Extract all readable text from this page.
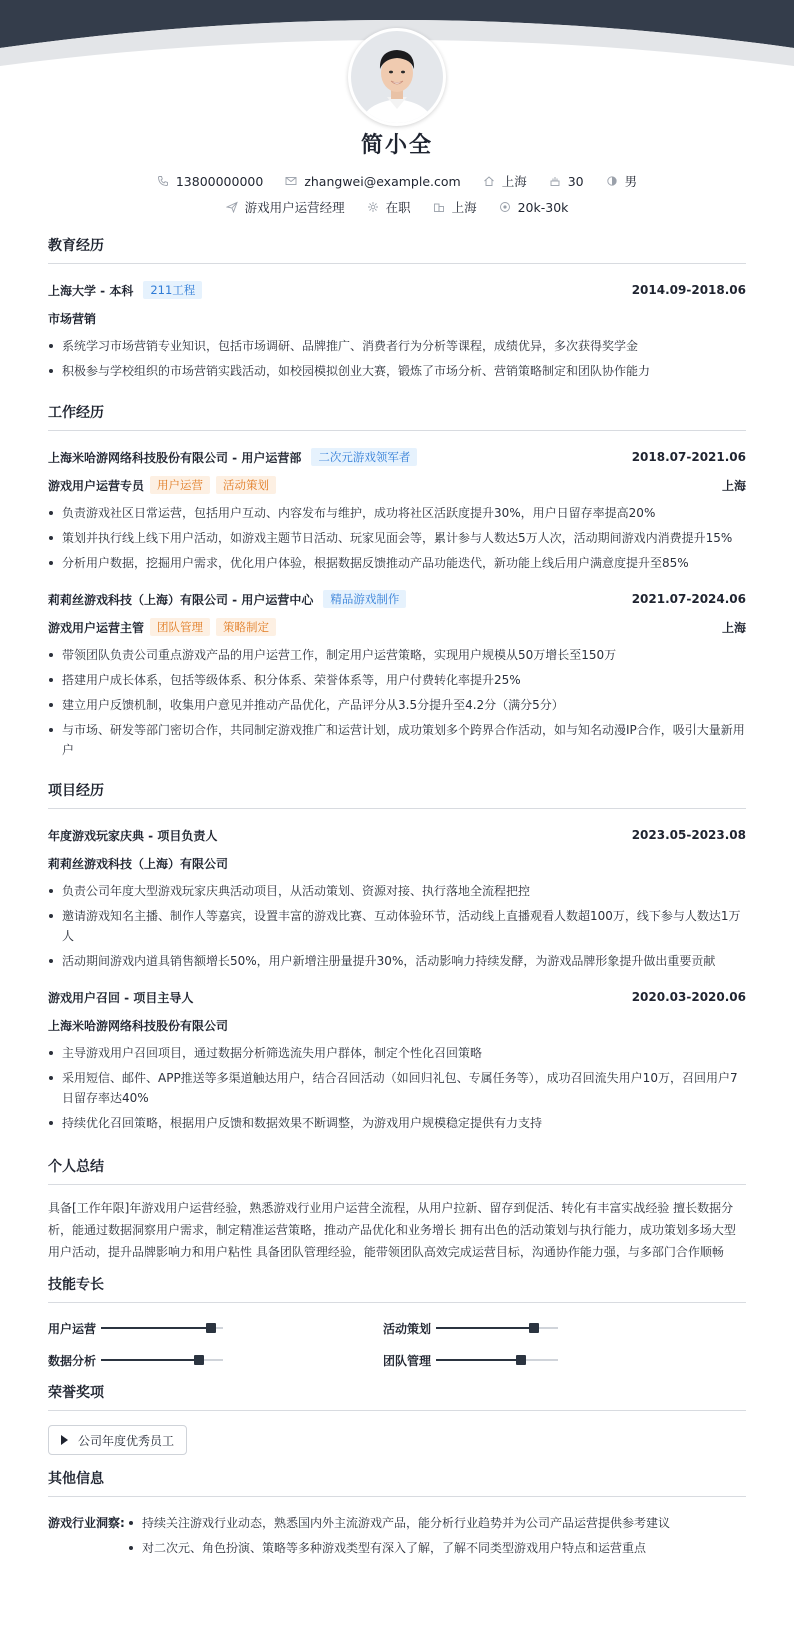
简小全
13800000000	zhangwei@example.com	上海	30	男
游戏用户运营经理	在职	上海	20k-30k
教育经历
上海大学 - 本科	211工程	2014.09-2018.06
市场营销
系统学习市场营销专业知识，包括市场调研、品牌推广、消费者行为分析等课程，成绩优异，多次获得奖学金
积极参与学校组织的市场营销实践活动，如校园模拟创业大赛，锻炼了市场分析、营销策略制定和团队协作能力
工作经历
上海米哈游网络科技股份有限公司 - 用户运营部	二次元游戏领军者	2018.07-2021.06
游戏用户运营专员	用户运营	活动策划	上海
负责游戏社区日常运营，包括用户互动、内容发布与维护，成功将社区活跃度提升30%，用户日留存率提高20%
策划并执行线上线下用户活动，如游戏主题节日活动、玩家见面会等，累计参与人数达5万人次，活动期间游戏内消费提升15%
分析用户数据，挖掘用户需求，优化用户体验，根据数据反馈推动产品功能迭代，新功能上线后用户满意度提升至85%
莉莉丝游戏科技（上海）有限公司 - 用户运营中心	精品游戏制作	2021.07-2024.06
游戏用户运营主管	团队管理	策略制定	上海
带领团队负责公司重点游戏产品的用户运营工作，制定用户运营策略，实现用户规模从50万增长至150万
搭建用户成长体系，包括等级体系、积分体系、荣誉体系等，用户付费转化率提升25%
建立用户反馈机制，收集用户意见并推动产品优化，产品评分从3.5分提升至4.2分（满分5分）
与市场、研发等部门密切合作，共同制定游戏推广和运营计划，成功策划多个跨界合作活动，如与知名动漫IP合作，吸引大量新用户
项目经历
年度游戏玩家庆典 - 项目负责人	2023.05-2023.08
莉莉丝游戏科技（上海）有限公司
负责公司年度大型游戏玩家庆典活动项目，从活动策划、资源对接、执行落地全流程把控
邀请游戏知名主播、制作人等嘉宾，设置丰富的游戏比赛、互动体验环节，活动线上直播观看人数超100万，线下参与人数达1万人
活动期间游戏内道具销售额增长50%，用户新增注册量提升30%，活动影响力持续发酵，为游戏品牌形象提升做出重要贡献
游戏用户召回 - 项目主导人	2020.03-2020.06
上海米哈游网络科技股份有限公司
主导游戏用户召回项目，通过数据分析筛选流失用户群体，制定个性化召回策略
采用短信、邮件、APP推送等多渠道触达用户，结合召回活动（如回归礼包、专属任务等），成功召回流失用户10万，召回用户7日留存率达40%
持续优化召回策略，根据用户反馈和数据效果不断调整，为游戏用户规模稳定提供有力支持
个人总结
具备[工作年限]年游戏用户运营经验，熟悉游戏行业用户运营全流程，从用户拉新、留存到促活、转化有丰富实战经验 擅长数据分析，能通过数据洞察用户需求，制定精准运营策略，推动产品优化和业务增长 拥有出色的活动策划与执行能力，成功策划多场大型用户活动，提升品牌影响力和用户粘性 具备团队管理经验，能带领团队高效完成运营目标，沟通协作能力强，与多部门合作顺畅
技能专长
用户运营	活动策划
数据分析	团队管理
荣誉奖项
公司年度优秀员工
其他信息
游戏行业洞察:	持续关注游戏行业动态，熟悉国内外主流游戏产品，能分析行业趋势并为公司产品运营提供参考建议
对二次元、角色扮演、策略等多种游戏类型有深入了解，了解不同类型游戏用户特点和运营重点
